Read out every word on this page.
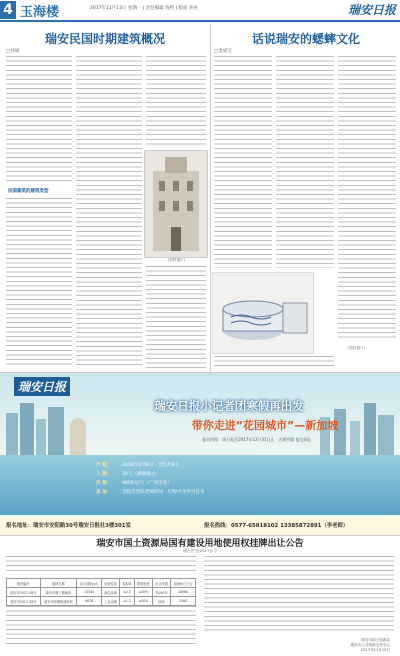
4 玉海楼	2017年11月13日 星期一 | 责任编辑 钱哲 | 版面 孙亮	瑞安日报
瑞安民国时期建筑概况
□孙斌
民国建筑的建筑类型
(资料图片)
话说瑞安的蟋蟀文化
□金成宝
(资料图片)
瑞安日报
瑞安日报小记者团寒假再出发
带你走进“花园城市”—新加坡
报名时间：即日起至2017年12月31日止 · 名额有限 报完即止
行 程： 2018年2月8日 · 全程共6天
人 数： 30人（满额截止）
价 格： 9800元/人（广州出发）
其 他： 全程有带队老师陪同 · 行程中含学习任务
报名地址：瑞安市安阳路30号瑞安日报社3楼301室	报名热线：0577-65818102 13385872891（李老师）
瑞安市国土资源局国有建设用地使用权挂牌出让公告
瑞土告字[2017]1号
地块编号	地块名称	出让面积(㎡)	用地性质	容积率	建筑密度	出让年限	起始价(万元)
瑞安市2017-38号	瑞安市塘下镇地块	12345	商住用地	≤2.5	≤30%	70/40年	18960
瑞安市2017-39号	瑞安市莘塍街道地块	9876	工业用地	≥1.2	≥40%	50年	1560
瑞安市国土资源局
瑞安市公共资源交易中心
2017年11月13日
